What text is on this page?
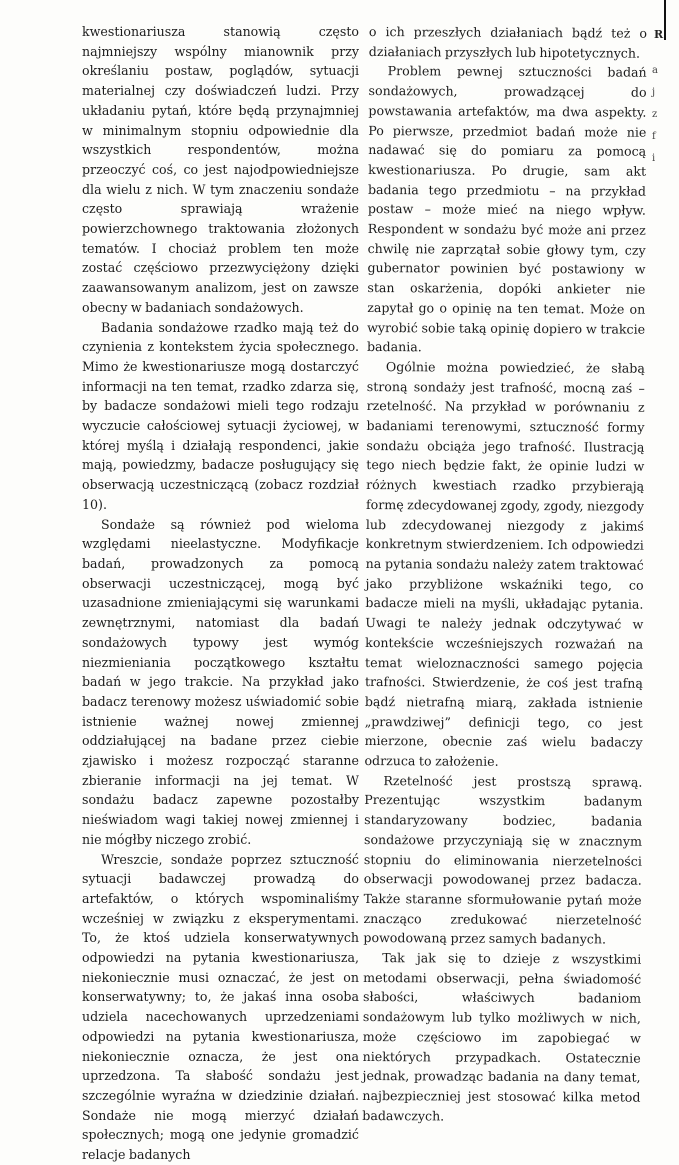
kwestionariusza stanowią często najmniejszy wspólny mianownik przy określaniu postaw, poglądów, sytuacji materialnej czy doświadczeń ludzi. Przy układaniu pytań, które będą przynajmniej w minimalnym stopniu odpowiednie dla wszystkich respondentów, można przeoczyć coś, co jest najodpowiedniejsze dla wielu z nich. W tym znaczeniu sondaże często sprawiają wrażenie powierzchownego traktowania złożonych tematów. I chociaż problem ten może zostać częściowo przezwyciężony dzięki zaawansowanym analizom, jest on zawsze obecny w badaniach sondażowych.

Badania sondażowe rzadko mają też do czynienia z kontekstem życia społecznego. Mimo że kwestionariusze mogą dostarczyć informacji na ten temat, rzadko zdarza się, by badacze sondażowi mieli tego rodzaju wyczucie całościowej sytuacji życiowej, w której myślą i działają respondenci, jakie mają, powiedzmy, badacze posługujący się obserwacją uczestniczącą (zobacz rozdział 10).

Sondaże są również pod wieloma względami nieelastyczne. Modyfikacje badań, prowadzonych za pomocą obserwacji uczestniczącej, mogą być uzasadnione zmieniającymi się warunkami zewnętrznymi, natomiast dla badań sondażowych typowy jest wymóg niezmieniania początkowego kształtu badań w jego trakcie. Na przykład jako badacz terenowy możesz uświadomić sobie istnienie ważnej nowej zmiennej oddziałującej na badane przez ciebie zjawisko i możesz rozpocząć staranne zbieranie informacji na jej temat. W sondażu badacz zapewne pozostałby nieświadom wagi takiej nowej zmiennej i nie mógłby niczego zrobić.

Wreszcie, sondaże poprzez sztuczność sytuacji badawczej prowadzą do artefaktów, o których wspominaliśmy wcześniej w związku z eksperymentami. To, że ktoś udziela konserwatywnych odpowiedzi na pytania kwestionariusza, niekoniecznie musi oznaczać, że jest on konserwatywny; to, że jakaś inna osoba udziela nacechowanych uprzedzeniami odpowiedzi na pytania kwestionariusza, niekoniecznie oznacza, że jest ona uprzedzona. Ta słabość sondażu jest szczególnie wyraźna w dziedzinie działań. Sondaże nie mogą mierzyć działań społecznych; mogą one jedynie gromadzić relacje badanych

o ich przeszłych działaniach bądź też o działaniach przyszłych lub hipotetycznych.

Problem pewnej sztuczności badań sondażowych, prowadzącej do powstawania artefaktów, ma dwa aspekty. Po pierwsze, przedmiot badań może nie nadawać się do pomiaru za pomocą kwestionariusza. Po drugie, sam akt badania tego przedmiotu – na przykład postaw – może mieć na niego wpływ. Respondent w sondażu być może ani przez chwilę nie zaprzątał sobie głowy tym, czy gubernator powinien być postawiony w stan oskarżenia, dopóki ankieter nie zapytał go o opinię na ten temat. Może on wyrobić sobie taką opinię dopiero w trakcie badania.

Ogólnie można powiedzieć, że słabą stroną sondaży jest trafność, mocną zaś – rzetelność. Na przykład w porównaniu z badaniami terenowymi, sztuczność formy sondażu obciąża jego trafność. Ilustracją tego niech będzie fakt, że opinie ludzi w różnych kwestiach rzadko przybierają formę zdecydowanej zgody, zgody, niezgody lub zdecydowanej niezgody z jakimś konkretnym stwierdzeniem. Ich odpowiedzi na pytania sondażu należy zatem traktować jako przybliżone wskaźniki tego, co badacze mieli na myśli, układając pytania. Uwagi te należy jednak odczytywać w kontekście wcześniejszych rozważań na temat wieloznaczności samego pojęcia trafności. Stwierdzenie, że coś jest trafną bądź nietrafną miarą, zakłada istnienie „prawdziwej” definicji tego, co jest mierzone, obecnie zaś wielu badaczy odrzuca to założenie.

Rzetelność jest prostszą sprawą. Prezentując wszystkim badanym standaryzowany bodziec, badania sondażowe przyczyniają się w znacznym stopniu do eliminowania nierzetelności obserwacji powodowanej przez badacza. Także staranne sformułowanie pytań może znacząco zredukować nierzetelność powodowaną przez samych badanych.

Tak jak się to dzieje z wszystkimi metodami obserwacji, pełna świadomość słabości, właściwych badaniom sondażowym lub tylko możliwych w nich, może częściowo im zapobiegać w niektórych przypadkach. Ostatecznie jednak, prowadząc badania na dany temat, najbezpieczniej jest stosować kilka metod badawczych.

R
a
j
z
f
i
